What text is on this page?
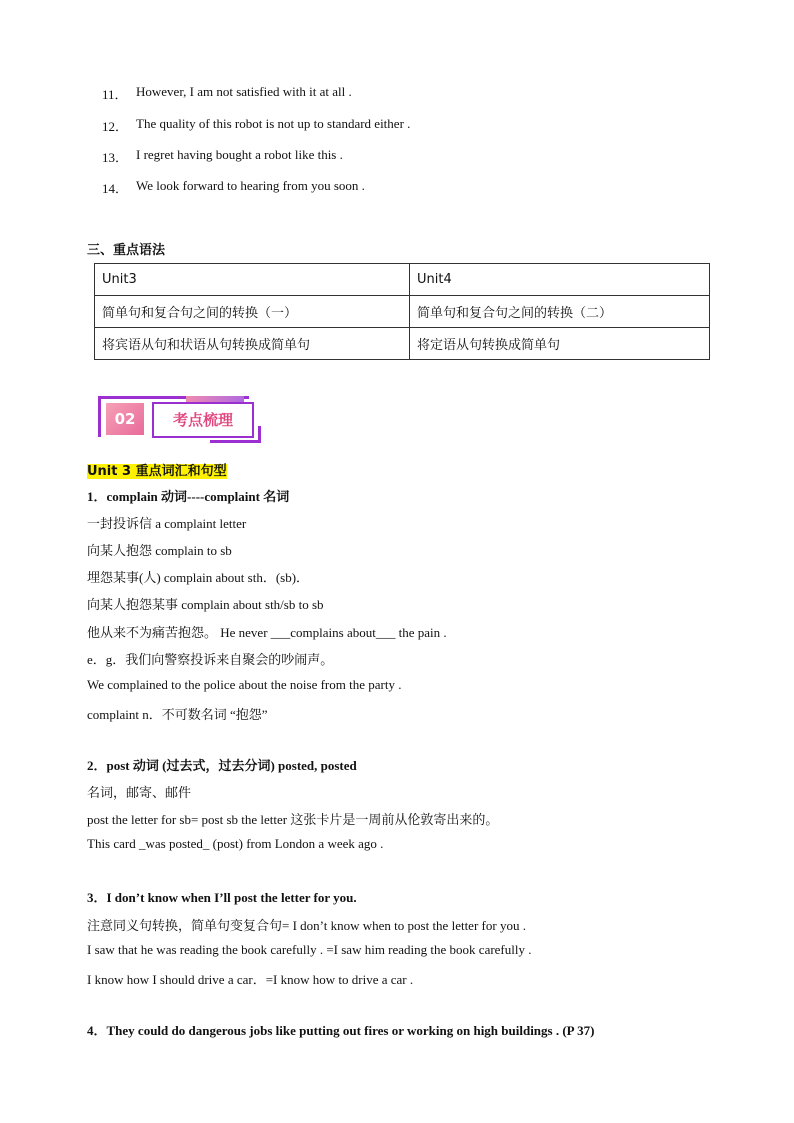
11． However, I am not satisfied with it at all .
12． The quality of this robot is not up to standard either .
13． I regret having bought a robot like this .
14． We look forward to hearing from you soon .
三、重点语法
Unit3	Unit4
简单句和复合句之间的转换（一）	简单句和复合句之间的转换（二）
将宾语从句和状语从句转换成简单句	将定语从句转换成简单句
02	考点梳理
Unit 3 重点词汇和句型
1．complain 动词----complaint 名词
一封投诉信 a complaint letter
向某人抱怨 complain to sb
埋怨某事(人) complain about sth．(sb)．
向某人抱怨某事 complain about sth/sb to sb
他从来不为痛苦抱怨。 He never ___complains about___ the pain .
e．g．我们向警察投诉来自聚会的吵闹声。
We complained to the police about the noise from the party .
complaint n．不可数名词 “抱怨”
2．post 动词 (过去式，过去分词) posted, posted
名词，邮寄、邮件
post the letter for sb= post sb the letter 这张卡片是一周前从伦敦寄出来的。
This card _was posted_ (post) from London a week ago .
3．I don’t know when I’ll post the letter for you.
注意同义句转换，简单句变复合句= I don’t know when to post the letter for you .
I saw that he was reading the book carefully . =I saw him reading the book carefully .
I know how I should drive a car．=I know how to drive a car .
4．They could do dangerous jobs like putting out fires or working on high buildings . (P 37)
